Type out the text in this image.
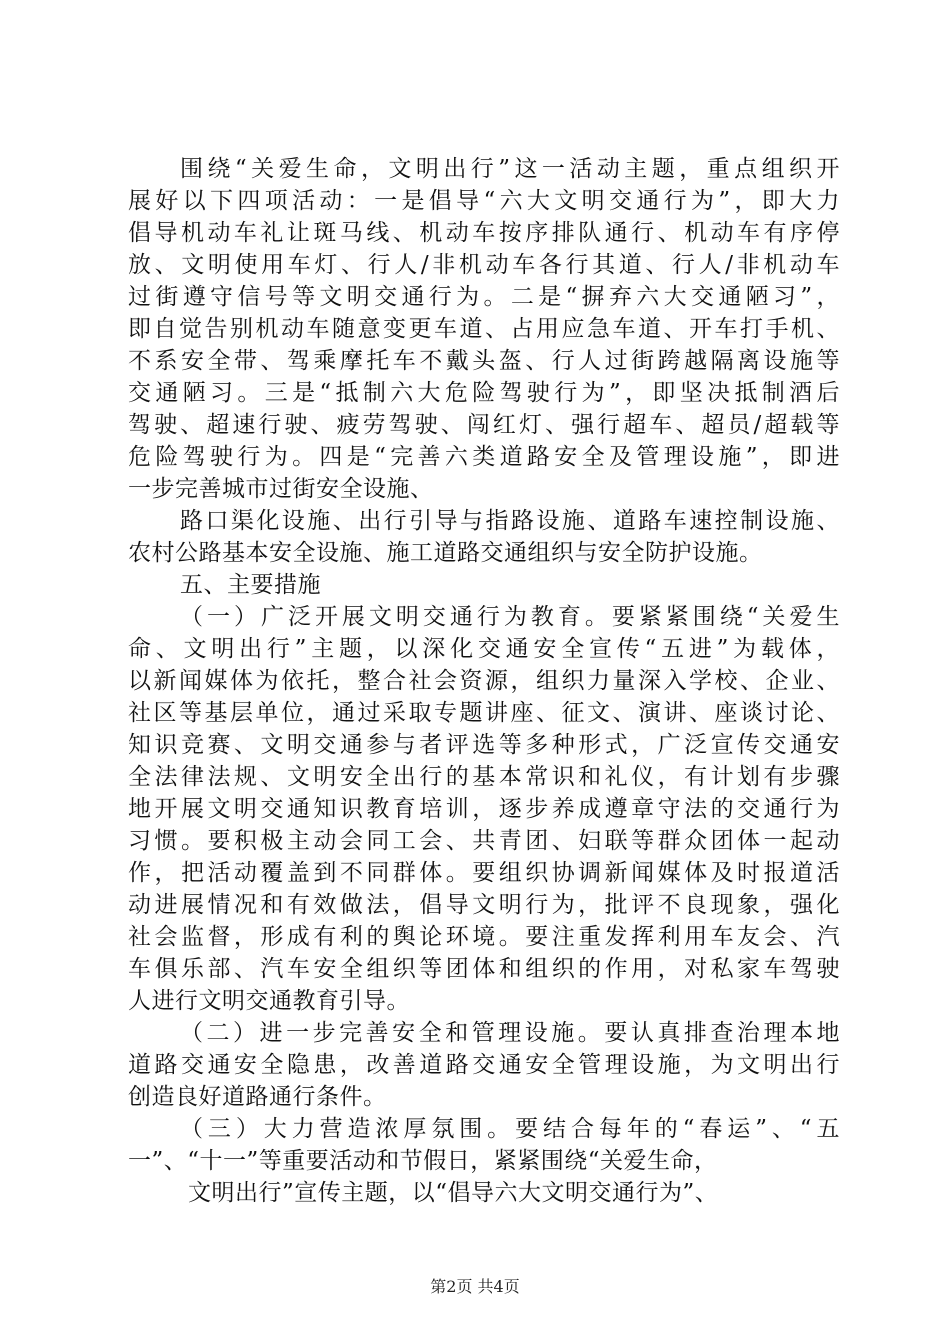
围绕“关爱生命，文明出行”这一活动主题，重点组织开
展好以下四项活动：一是倡导“六大文明交通行为”，即大力
倡导机动车礼让斑马线、机动车按序排队通行、机动车有序停
放、文明使用车灯、行人/非机动车各行其道、行人/非机动车
过街遵守信号等文明交通行为。二是“摒弃六大交通陋习”，
即自觉告别机动车随意变更车道、占用应急车道、开车打手机、
不系安全带、驾乘摩托车不戴头盔、行人过街跨越隔离设施等
交通陋习。三是“抵制六大危险驾驶行为”，即坚决抵制酒后
驾驶、超速行驶、疲劳驾驶、闯红灯、强行超车、超员/超载等
危险驾驶行为。四是“完善六类道路安全及管理设施”，即进
一步完善城市过街安全设施、
路口渠化设施、出行引导与指路设施、道路车速控制设施、
农村公路基本安全设施、施工道路交通组织与安全防护设施。
五、主要措施
（一）广泛开展文明交通行为教育。要紧紧围绕“关爱生
命、文明出行”主题，以深化交通安全宣传“五进”为载体，
以新闻媒体为依托，整合社会资源，组织力量深入学校、企业、
社区等基层单位，通过采取专题讲座、征文、演讲、座谈讨论、
知识竞赛、文明交通参与者评选等多种形式，广泛宣传交通安
全法律法规、文明安全出行的基本常识和礼仪，有计划有步骤
地开展文明交通知识教育培训，逐步养成遵章守法的交通行为
习惯。要积极主动会同工会、共青团、妇联等群众团体一起动
作，把活动覆盖到不同群体。要组织协调新闻媒体及时报道活
动进展情况和有效做法，倡导文明行为，批评不良现象，强化
社会监督，形成有利的舆论环境。要注重发挥利用车友会、汽
车俱乐部、汽车安全组织等团体和组织的作用，对私家车驾驶
人进行文明交通教育引导。
（二）进一步完善安全和管理设施。要认真排查治理本地
道路交通安全隐患，改善道路交通安全管理设施，为文明出行
创造良好道路通行条件。
（三）大力营造浓厚氛围。要结合每年的“春运”、“五
一”、“十一”等重要活动和节假日，紧紧围绕“关爱生命，
文明出行”宣传主题，以“倡导六大文明交通行为”、
第2页 共4页
